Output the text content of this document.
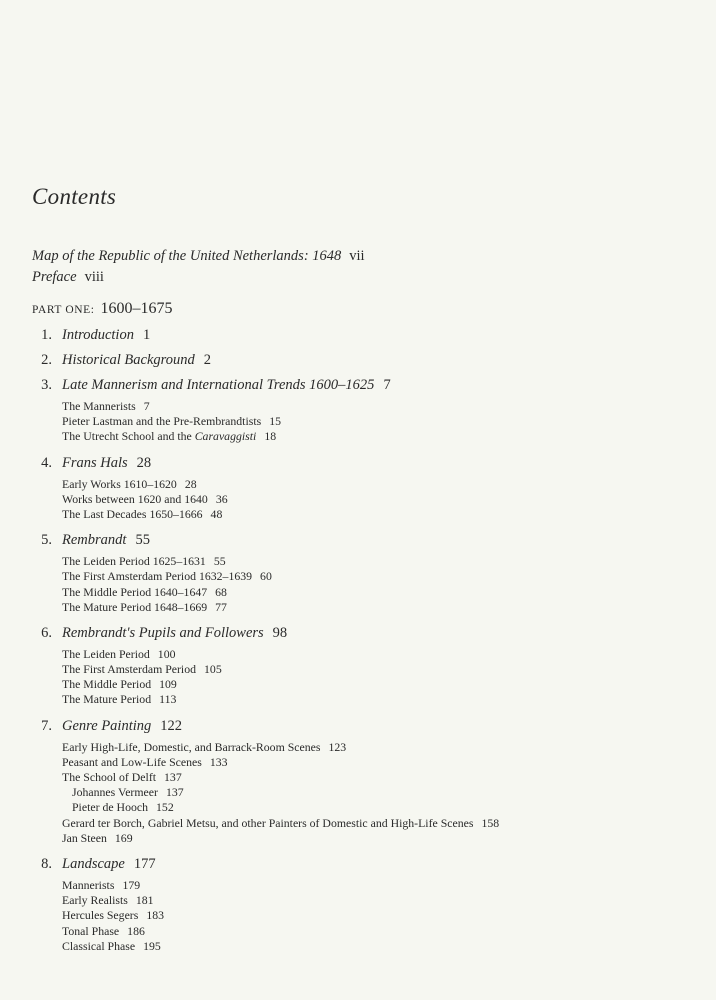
Contents
Map of the Republic of the United Netherlands: 1648 vii
Preface viii
PART ONE: 1600–1675
1. Introduction 1
2. Historical Background 2
3. Late Mannerism and International Trends 1600–1625 7
The Mannerists 7
Pieter Lastman and the Pre-Rembrandtists 15
The Utrecht School and the Caravaggisti 18
4. Frans Hals 28
Early Works 1610–1620 28
Works between 1620 and 1640 36
The Last Decades 1650–1666 48
5. Rembrandt 55
The Leiden Period 1625–1631 55
The First Amsterdam Period 1632–1639 60
The Middle Period 1640–1647 68
The Mature Period 1648–1669 77
6. Rembrandt's Pupils and Followers 98
The Leiden Period 100
The First Amsterdam Period 105
The Middle Period 109
The Mature Period 113
7. Genre Painting 122
Early High-Life, Domestic, and Barrack-Room Scenes 123
Peasant and Low-Life Scenes 133
The School of Delft 137
Johannes Vermeer 137
Pieter de Hooch 152
Gerard ter Borch, Gabriel Metsu, and other Painters of Domestic and High-Life Scenes 158
Jan Steen 169
8. Landscape 177
Mannerists 179
Early Realists 181
Hercules Segers 183
Tonal Phase 186
Classical Phase 195
